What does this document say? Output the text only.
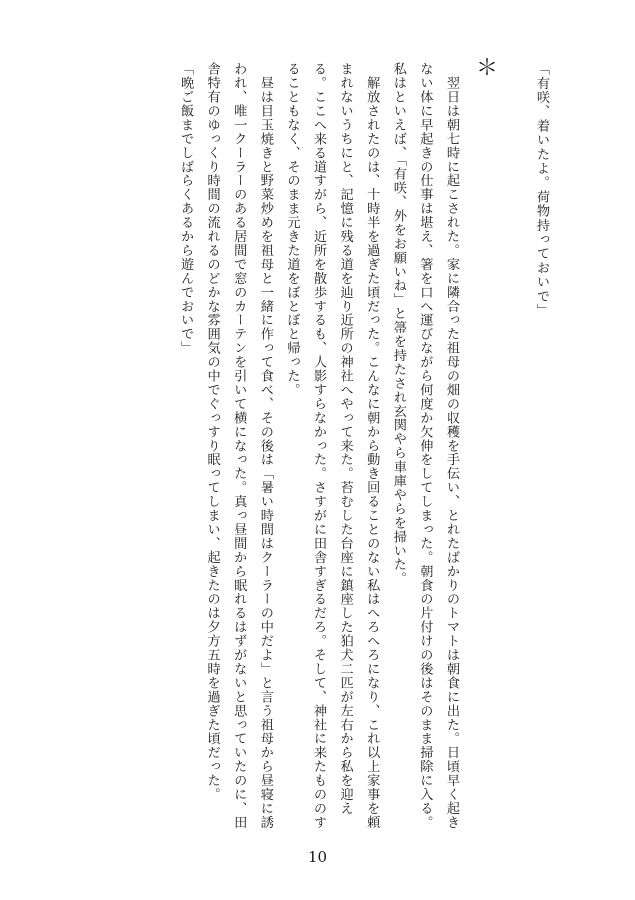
「有咲、着いたよ。荷物持っておいで」
＊

　翌日は朝七時に起こされた。家に隣合った祖母の畑の収穫を手伝い、とれたばかりのトマトは朝食に出た。日頃早く起きない体に早起きの仕事は堪え、箸を口へ運びながら何度か欠伸をしてしまった。朝食の片付けの後はそのまま掃除に入る。私はといえば、「有咲、外をお願いね」と箒を持たされ玄関やら車庫やらを掃いた。

　解放されたのは、十時半を過ぎた頃だった。こんなに朝から動き回ることのない私はへろへろになり、これ以上家事を頼まれないうちにと、記憶に残る道を辿り近所の神社へやって来た。苔むした台座に鎮座した狛犬二匹が左右から私を迎える。ここへ来る道すがら、近所を散歩するも、人影すらなかった。さすがに田舎すぎるだろ。そして、神社に来たもののすることもなく、そのまま元きた道をぼとぼと帰った。

　昼は目玉焼きと野菜炒めを祖母と一緒に作って食べ、その後は「暑い時間はクーラーの中だよ」と言う祖母から昼寝に誘われ、唯一クーラーのある居間で窓のカーテンを引いて横になった。真っ昼間から眠れるはずがないと思っていたのに、田舎特有のゆっくり時間の流れるのどかな雰囲気の中でぐっすり眠ってしまい、起きたのは夕方五時を過ぎた頃だった。

「晩ご飯までしばらくあるから遊んでおいで」

10
